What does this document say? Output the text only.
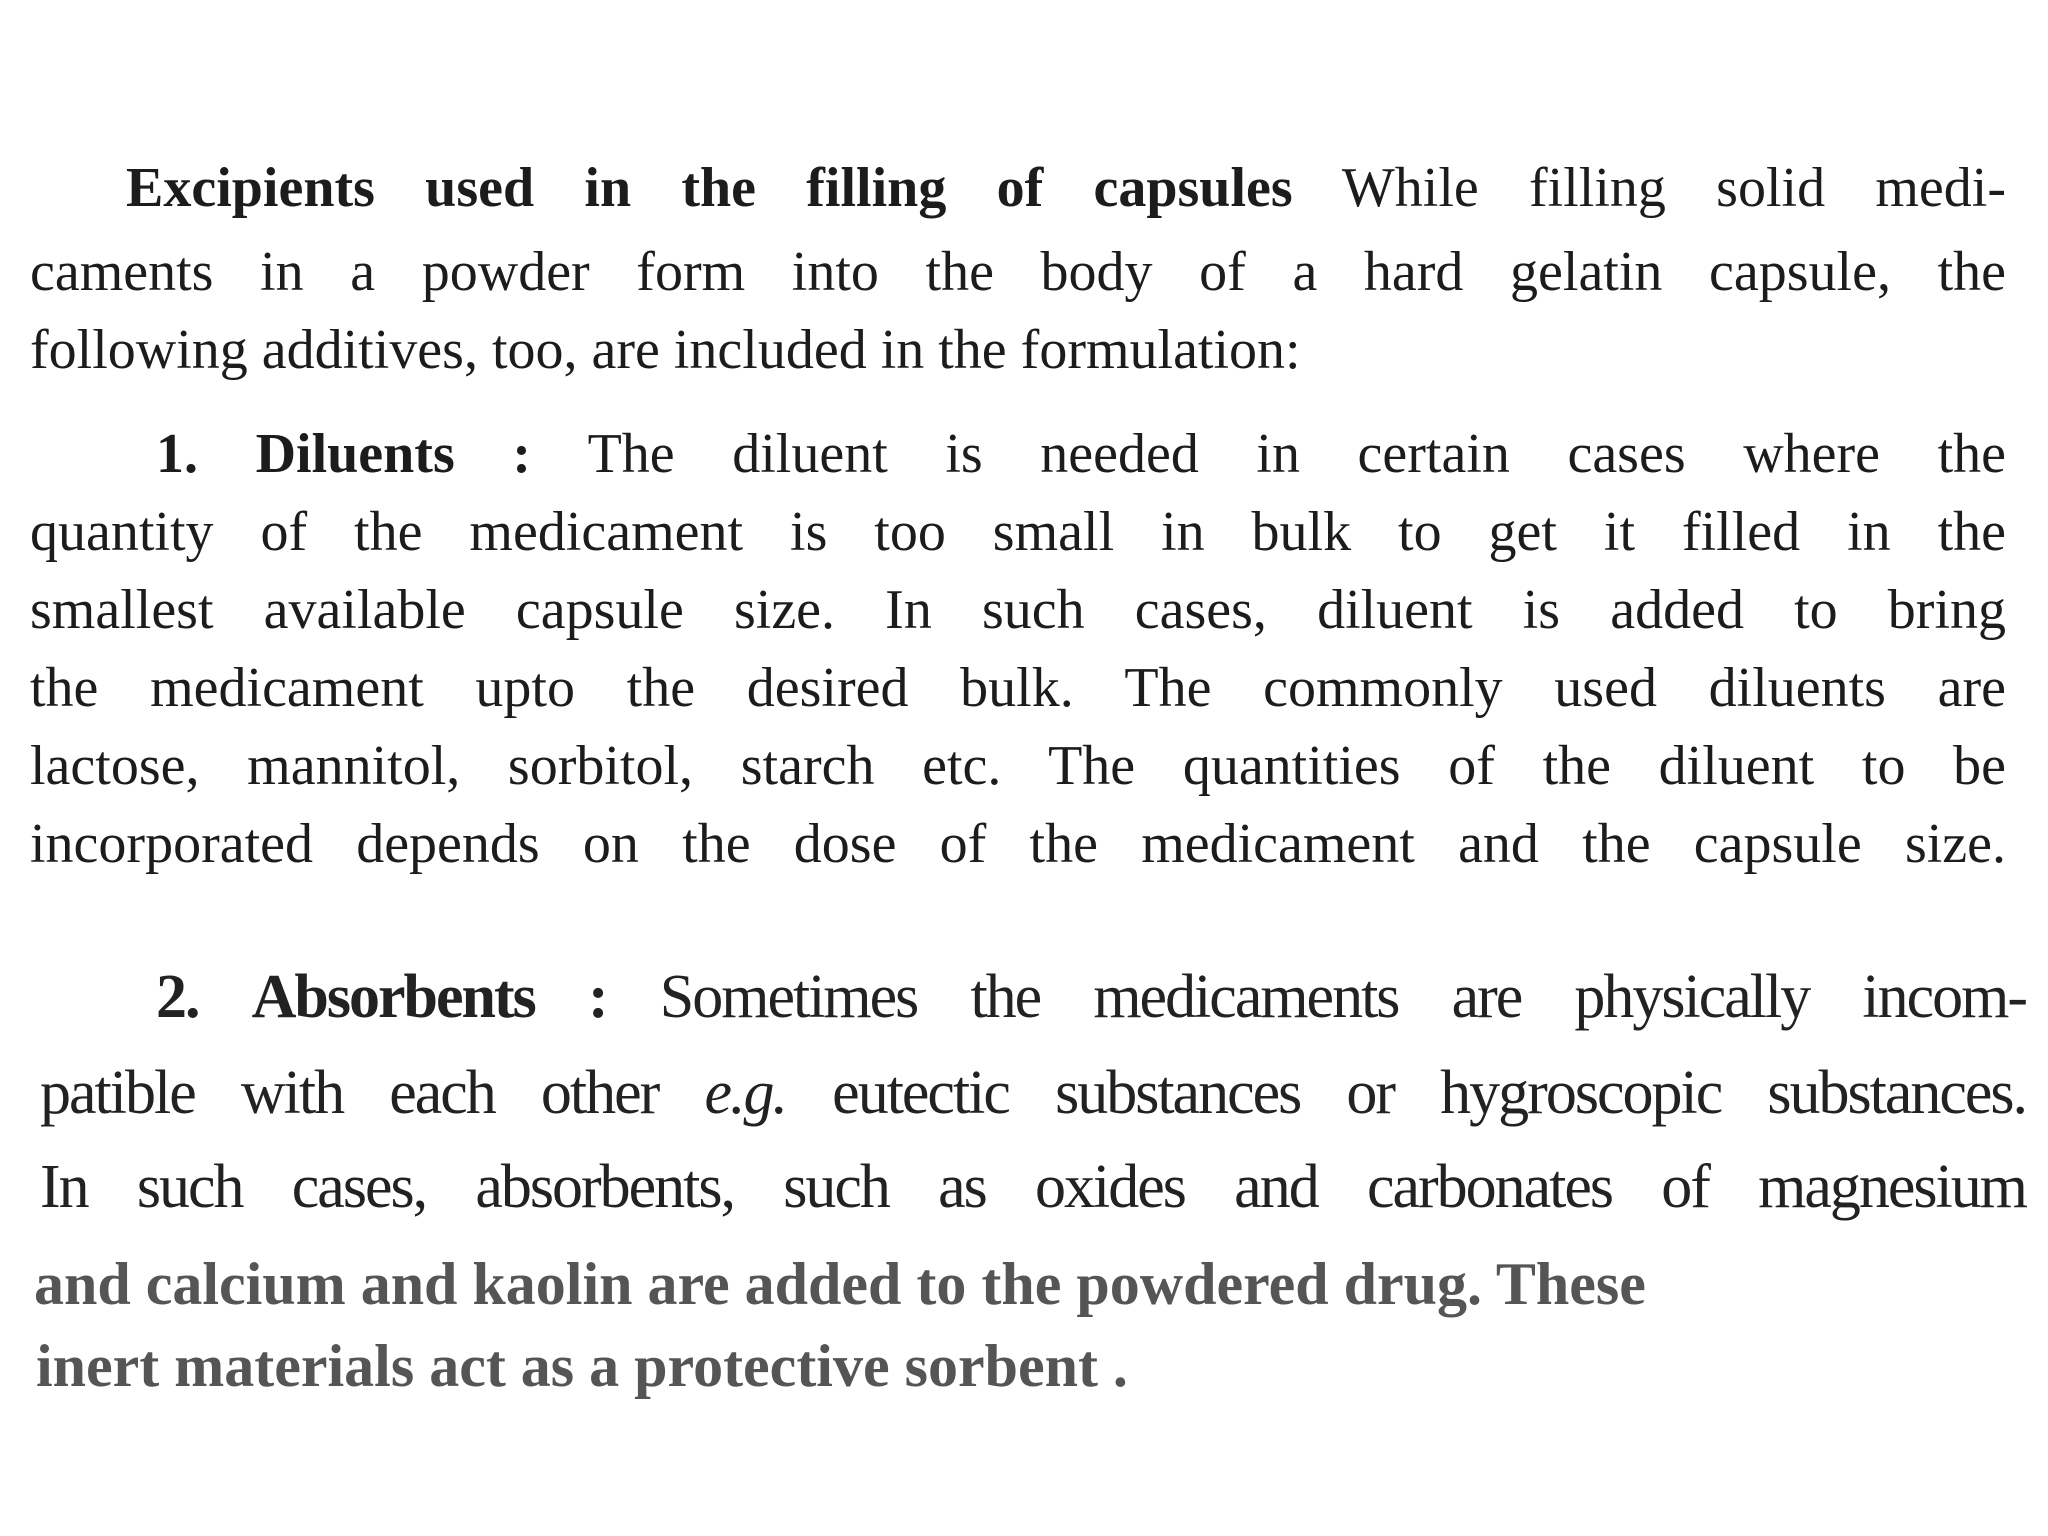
Excipients used in the filling of capsules While filling solid medi-

caments in a powder form into the body of a hard gelatin capsule, the

following additives, too, are included in the formulation:

1. Diluents : The diluent is needed in certain cases where the

quantity of the medicament is too small in bulk to get it filled in the

smallest available capsule size. In such cases, diluent is added to bring

the medicament upto the desired bulk. The commonly used diluents are

lactose, mannitol, sorbitol, starch etc. The quantities of the diluent to be

incorporated depends on the dose of the medicament and the capsule size.

2. Absorbents : Sometimes the medicaments are physically incom-

patible with each other e.g. eutectic substances or hygroscopic substances.

In such cases, absorbents, such as oxides and carbonates of magnesium

and calcium and kaolin are added to the powdered drug. These

inert materials act as a protective sorbent .
